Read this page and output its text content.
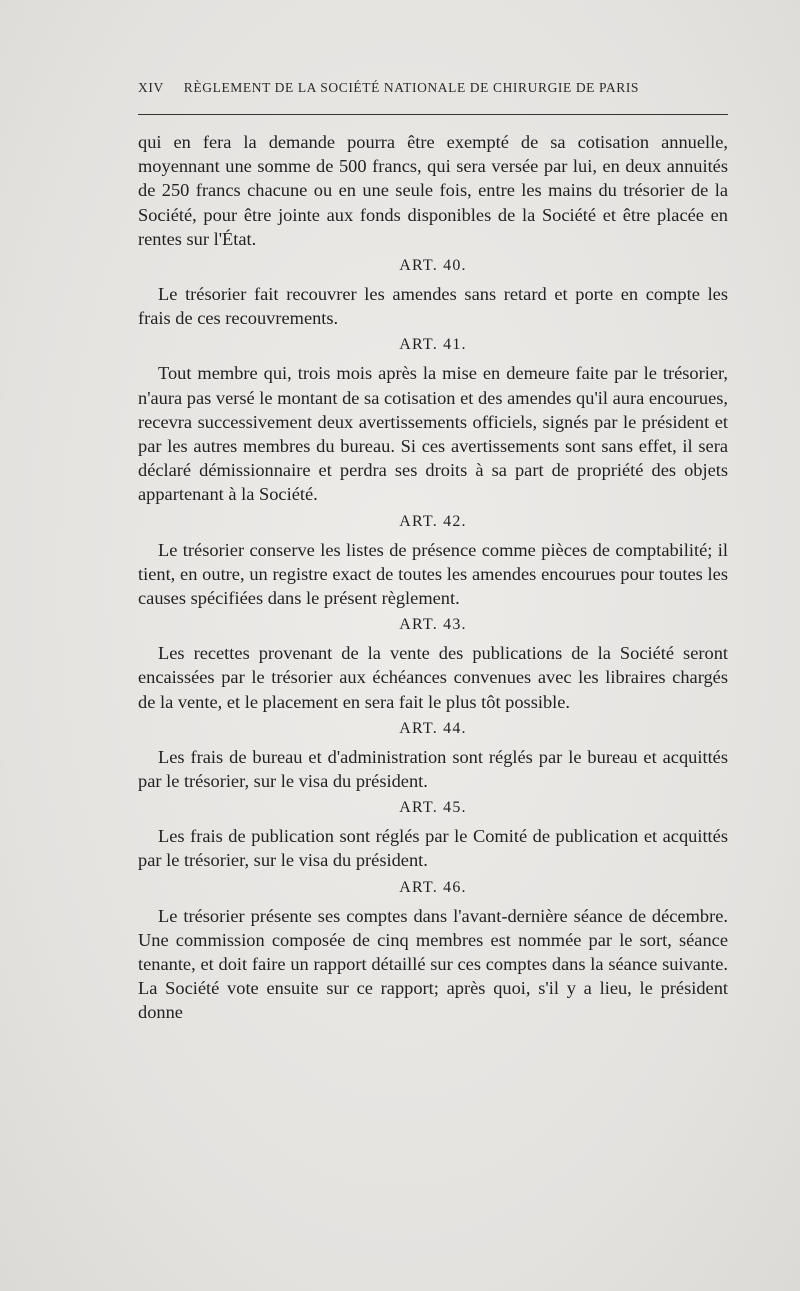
XIV RÈGLEMENT DE LA SOCIÉTÉ NATIONALE DE CHIRURGIE DE PARIS

qui en fera la demande pourra être exempté de sa cotisation annuelle, moyennant une somme de 500 francs, qui sera versée par lui, en deux annuités de 250 francs chacune ou en une seule fois, entre les mains du trésorier de la Société, pour être jointe aux fonds disponibles de la Société et être placée en rentes sur l'État.

ART. 40.

Le trésorier fait recouvrer les amendes sans retard et porte en compte les frais de ces recouvrements.

ART. 41.

Tout membre qui, trois mois après la mise en demeure faite par le trésorier, n'aura pas versé le montant de sa cotisation et des amendes qu'il aura encourues, recevra successivement deux avertissements officiels, signés par le président et par les autres membres du bureau. Si ces avertissements sont sans effet, il sera déclaré démissionnaire et perdra ses droits à sa part de propriété des objets appartenant à la Société.

ART. 42.

Le trésorier conserve les listes de présence comme pièces de comptabilité; il tient, en outre, un registre exact de toutes les amendes encourues pour toutes les causes spécifiées dans le présent règlement.

ART. 43.

Les recettes provenant de la vente des publications de la Société seront encaissées par le trésorier aux échéances convenues avec les libraires chargés de la vente, et le placement en sera fait le plus tôt possible.

ART. 44.

Les frais de bureau et d'administration sont réglés par le bureau et acquittés par le trésorier, sur le visa du président.

ART. 45.

Les frais de publication sont réglés par le Comité de publication et acquittés par le trésorier, sur le visa du président.

ART. 46.

Le trésorier présente ses comptes dans l'avant-dernière séance de décembre. Une commission composée de cinq membres est nommée par le sort, séance tenante, et doit faire un rapport détaillé sur ces comptes dans la séance suivante. La Société vote ensuite sur ce rapport; après quoi, s'il y a lieu, le président donne
